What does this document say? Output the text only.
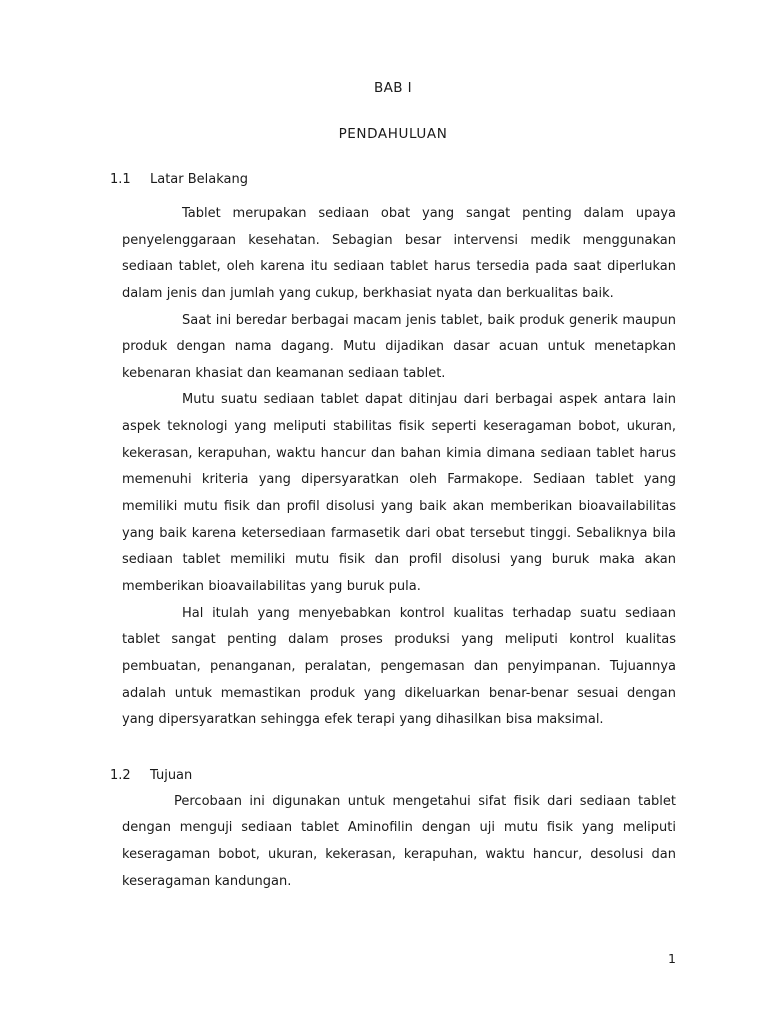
BAB I
PENDAHULUAN
1.1	Latar Belakang

Tablet merupakan sediaan obat yang sangat penting dalam upaya penyelenggaraan kesehatan. Sebagian besar intervensi medik menggunakan sediaan tablet, oleh karena itu sediaan tablet harus tersedia pada saat diperlukan dalam jenis dan jumlah yang cukup, berkhasiat nyata dan berkualitas baik.

Saat ini beredar berbagai macam jenis tablet, baik produk generik maupun produk dengan nama dagang. Mutu dijadikan dasar acuan untuk menetapkan kebenaran khasiat dan keamanan sediaan tablet.

Mutu suatu sediaan tablet dapat ditinjau dari berbagai aspek antara lain aspek teknologi yang meliputi stabilitas fisik seperti keseragaman bobot, ukuran, kekerasan, kerapuhan, waktu hancur dan bahan kimia dimana sediaan tablet harus memenuhi kriteria yang dipersyaratkan oleh Farmakope. Sediaan tablet yang memiliki mutu fisik dan profil disolusi yang baik akan memberikan bioavailabilitas yang baik karena ketersediaan farmasetik dari obat tersebut tinggi. Sebaliknya bila sediaan tablet memiliki mutu fisik dan profil disolusi yang buruk maka akan memberikan bioavailabilitas yang buruk pula.

Hal itulah yang menyebabkan kontrol kualitas terhadap suatu sediaan tablet sangat penting dalam proses produksi yang meliputi kontrol kualitas pembuatan, penanganan, peralatan, pengemasan dan penyimpanan. Tujuannya adalah untuk memastikan produk yang dikeluarkan benar-benar sesuai dengan yang dipersyaratkan sehingga efek terapi yang dihasilkan bisa maksimal.

1.2	Tujuan

Percobaan ini digunakan untuk mengetahui sifat fisik dari sediaan tablet dengan menguji sediaan tablet Aminofilin dengan uji mutu fisik yang meliputi keseragaman bobot, ukuran, kekerasan, kerapuhan, waktu hancur, desolusi dan keseragaman kandungan.

1
